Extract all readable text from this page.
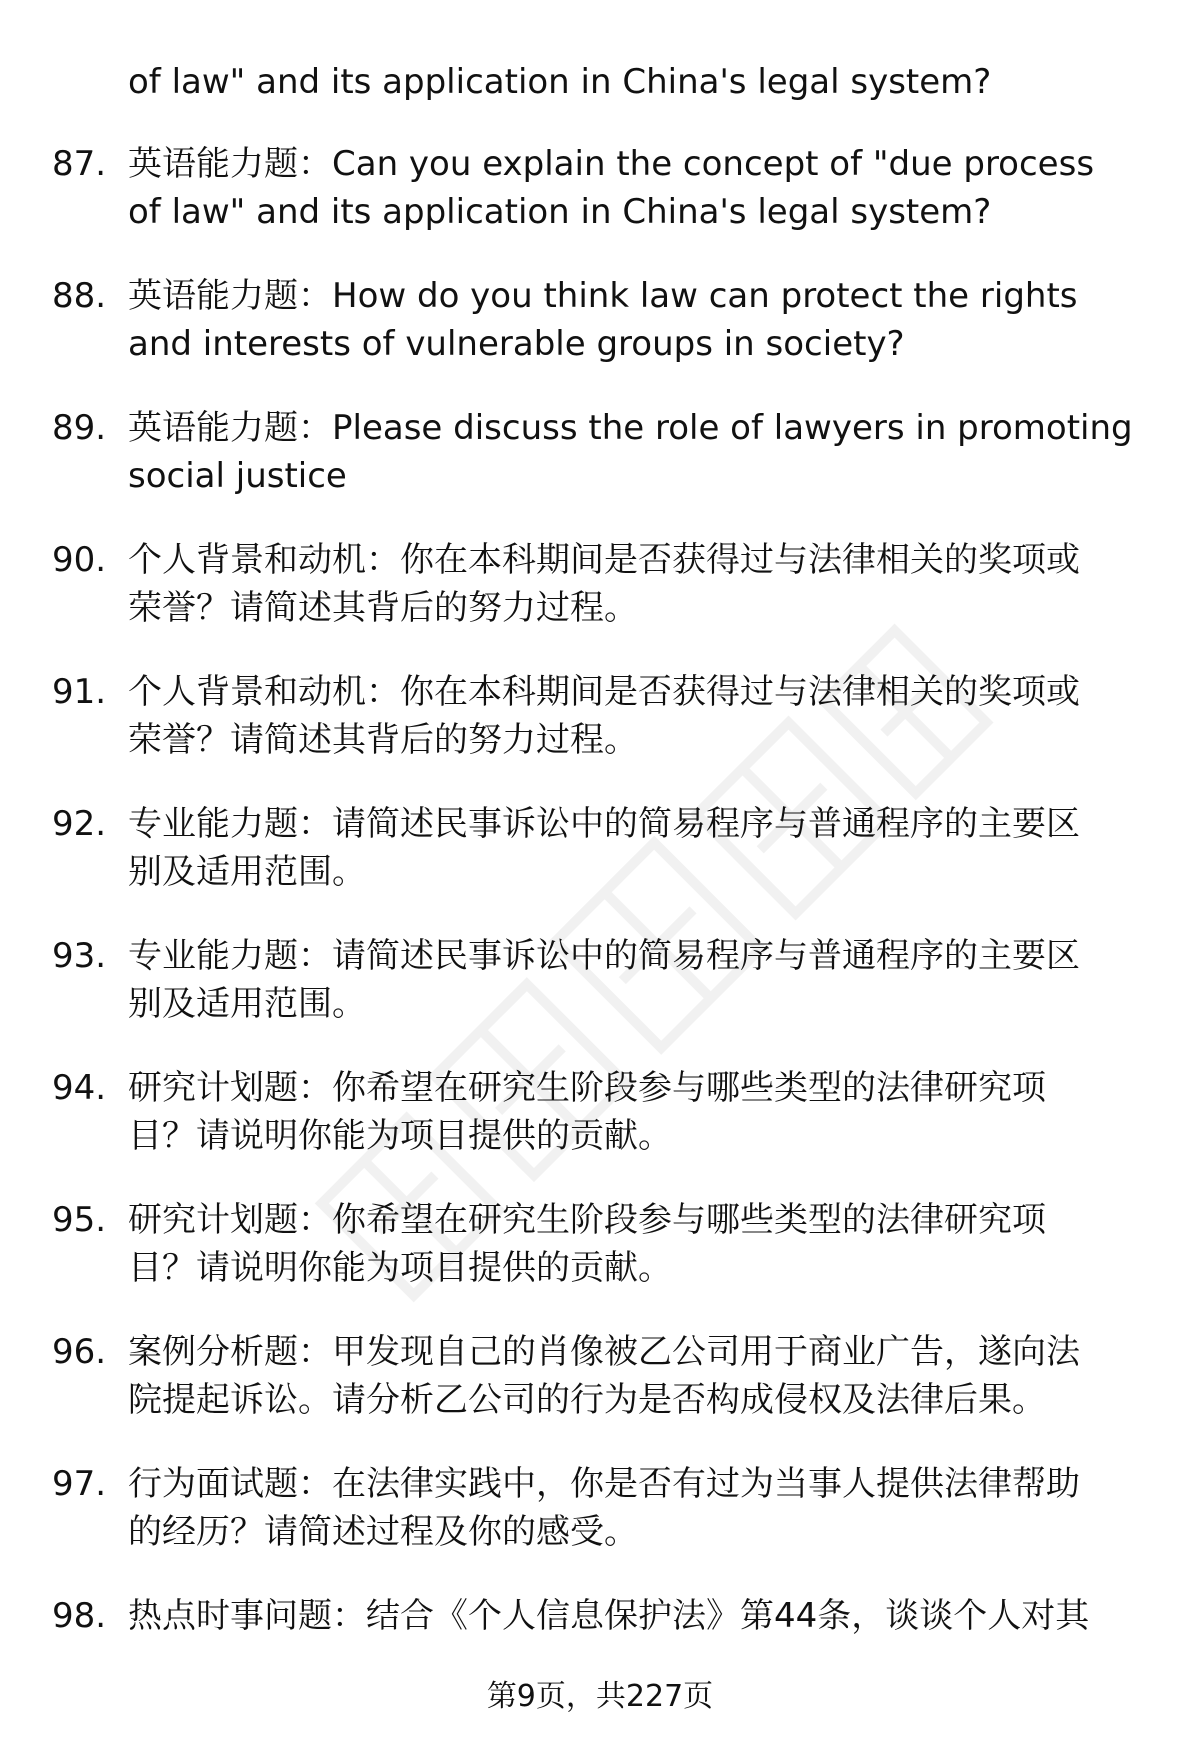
of law" and its application in China's legal system?
87. 英语能力题：Can you explain the concept of "due process
of law" and its application in China's legal system?
88. 英语能力题：How do you think law can protect the rights
and interests of vulnerable groups in society?
89. 英语能力题：Please discuss the role of lawyers in promoting
social justice
90. 个人背景和动机：你在本科期间是否获得过与法律相关的奖项或
荣誉？请简述其背后的努力过程。
91. 个人背景和动机：你在本科期间是否获得过与法律相关的奖项或
荣誉？请简述其背后的努力过程。
92. 专业能力题：请简述民事诉讼中的简易程序与普通程序的主要区
别及适用范围。
93. 专业能力题：请简述民事诉讼中的简易程序与普通程序的主要区
别及适用范围。
94. 研究计划题：你希望在研究生阶段参与哪些类型的法律研究项
目？请说明你能为项目提供的贡献。
95. 研究计划题：你希望在研究生阶段参与哪些类型的法律研究项
目？请说明你能为项目提供的贡献。
96. 案例分析题：甲发现自己的肖像被乙公司用于商业广告，遂向法
院提起诉讼。请分析乙公司的行为是否构成侵权及法律后果。
97. 行为面试题：在法律实践中，你是否有过为当事人提供法律帮助
的经历？请简述过程及你的感受。
98. 热点时事问题：结合《个人信息保护法》第44条，谈谈个人对其
第9页，共227页
